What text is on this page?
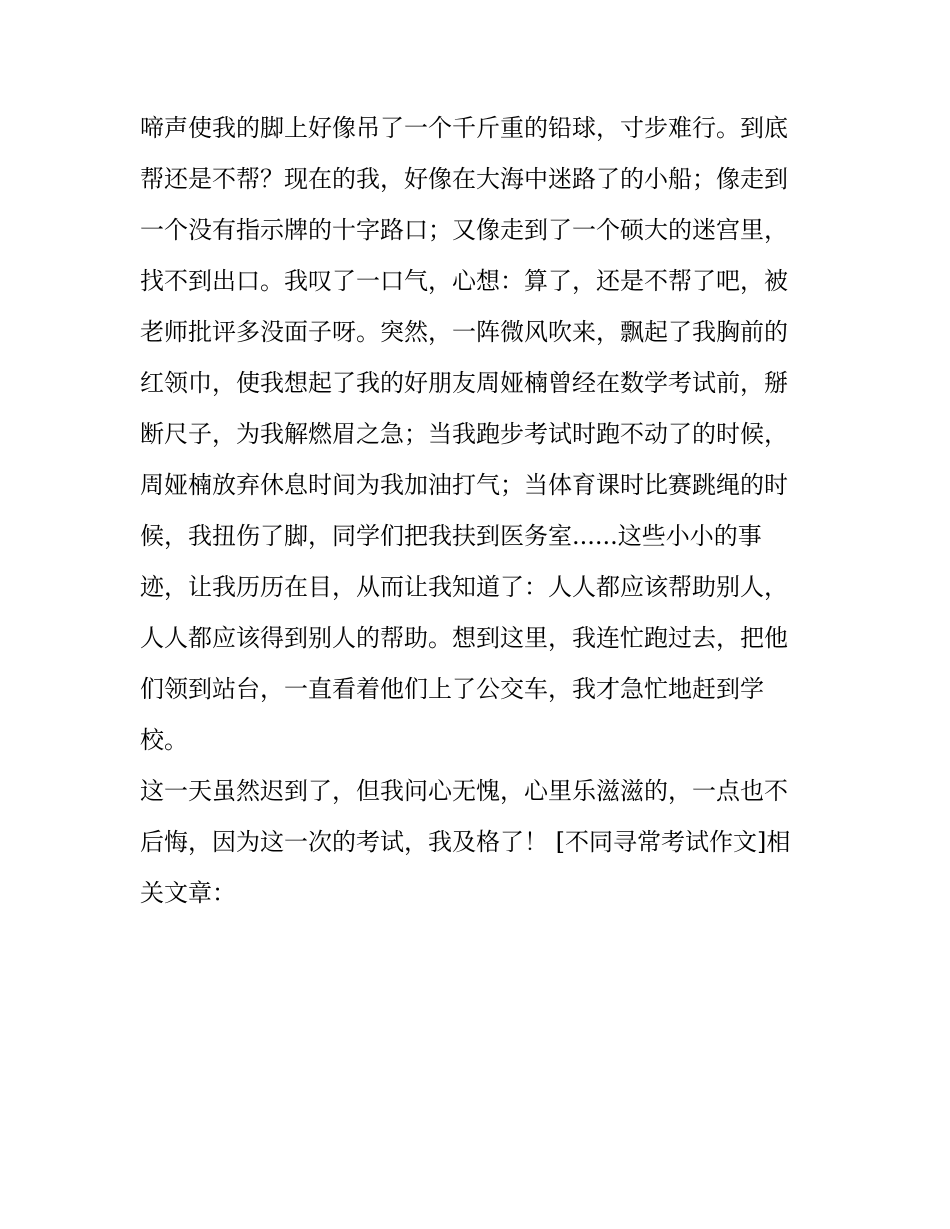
啼声使我的脚上好像吊了一个千斤重的铅球，寸步难行。到底
帮还是不帮？现在的我，好像在大海中迷路了的小船；像走到
一个没有指示牌的十字路口；又像走到了一个硕大的迷宫里，
找不到出口。我叹了一口气，心想：算了，还是不帮了吧，被
老师批评多没面子呀。突然，一阵微风吹来，飘起了我胸前的
红领巾，使我想起了我的好朋友周娅楠曾经在数学考试前，掰
断尺子，为我解燃眉之急；当我跑步考试时跑不动了的时候，
周娅楠放弃休息时间为我加油打气；当体育课时比赛跳绳的时
候，我扭伤了脚，同学们把我扶到医务室......这些小小的事
迹，让我历历在目，从而让我知道了：人人都应该帮助别人，
人人都应该得到别人的帮助。想到这里，我连忙跑过去，把他
们领到站台，一直看着他们上了公交车，我才急忙地赶到学
校。
这一天虽然迟到了，但我问心无愧，心里乐滋滋的，一点也不
后悔，因为这一次的考试，我及格了！ [不同寻常考试作文]相
关文章：
